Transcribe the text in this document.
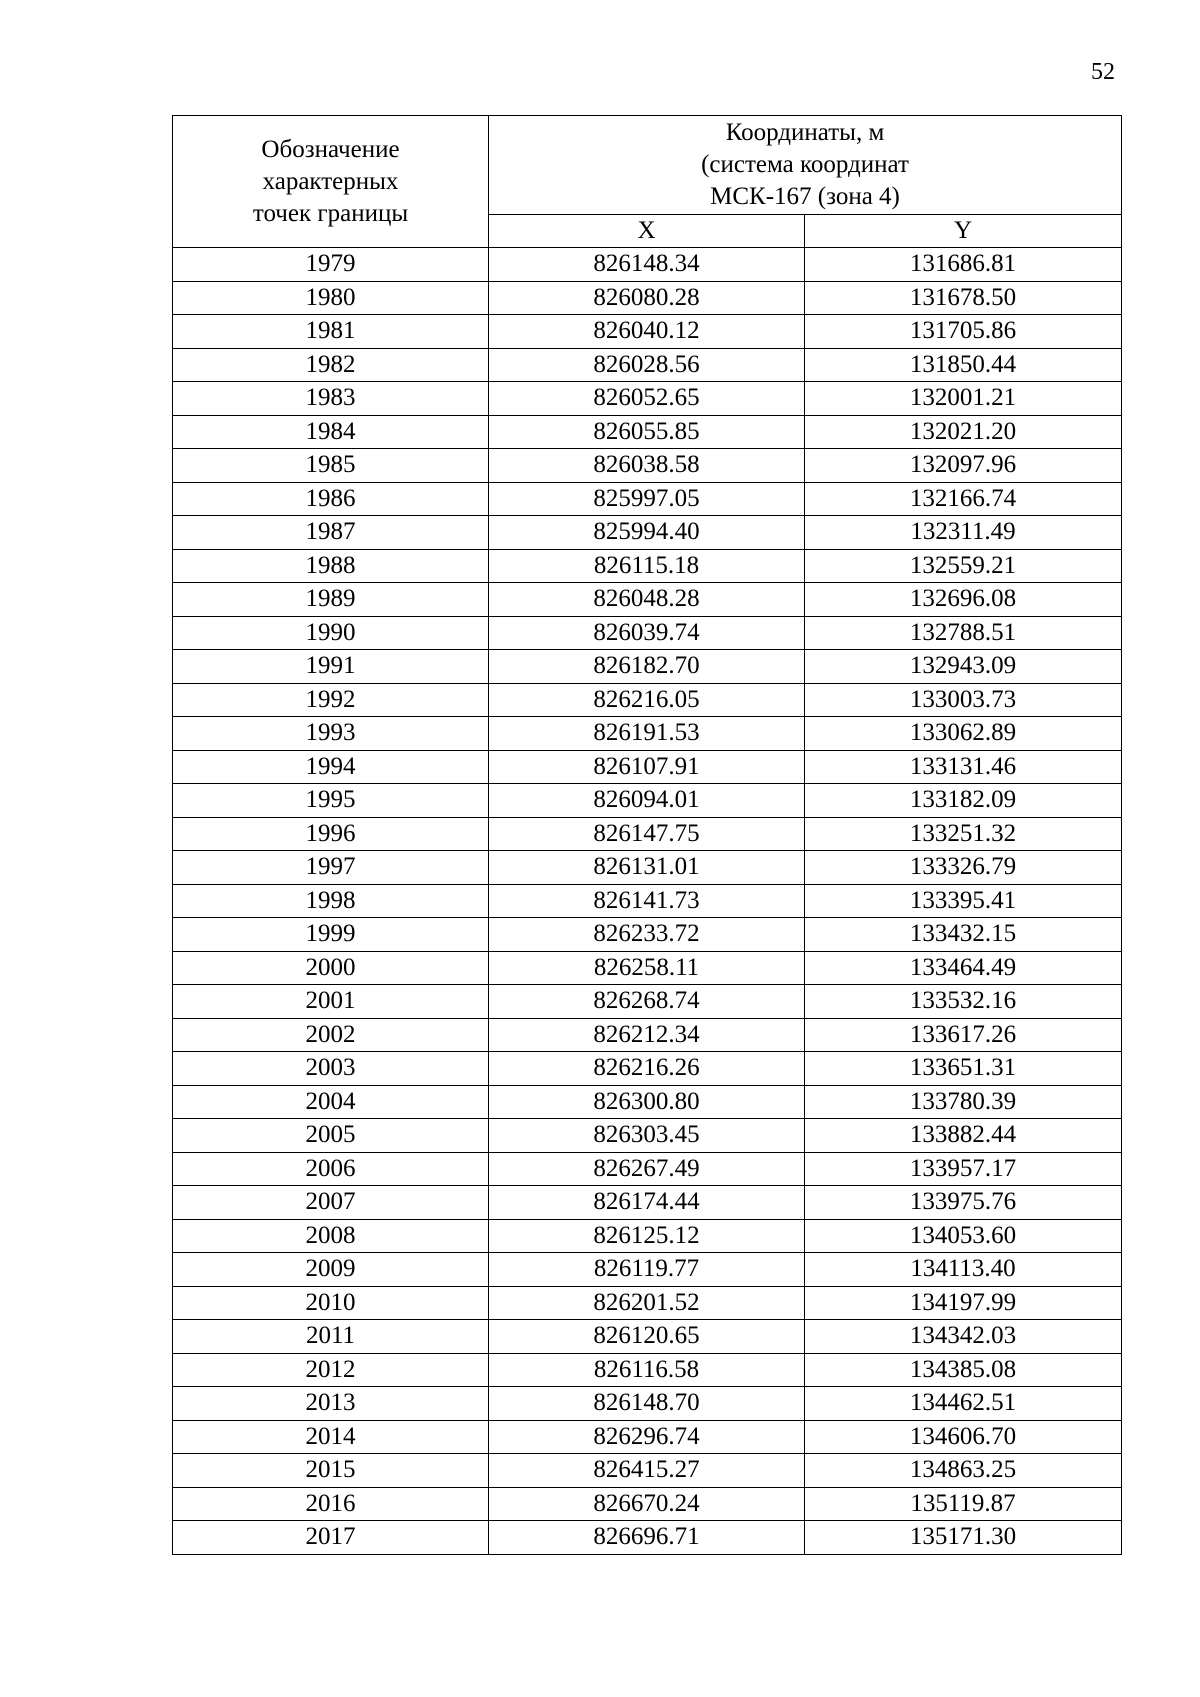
52
Обозначение
характерных
точек границы	Координаты, м
(система координат
МСК-167 (зона 4)	

	X	Y
1979	826148.34	131686.81
1980	826080.28	131678.50
1981	826040.12	131705.86
1982	826028.56	131850.44
1983	826052.65	132001.21
1984	826055.85	132021.20
1985	826038.58	132097.96
1986	825997.05	132166.74
1987	825994.40	132311.49
1988	826115.18	132559.21
1989	826048.28	132696.08
1990	826039.74	132788.51
1991	826182.70	132943.09
1992	826216.05	133003.73
1993	826191.53	133062.89
1994	826107.91	133131.46
1995	826094.01	133182.09
1996	826147.75	133251.32
1997	826131.01	133326.79
1998	826141.73	133395.41
1999	826233.72	133432.15
2000	826258.11	133464.49
2001	826268.74	133532.16
2002	826212.34	133617.26
2003	826216.26	133651.31
2004	826300.80	133780.39
2005	826303.45	133882.44
2006	826267.49	133957.17
2007	826174.44	133975.76
2008	826125.12	134053.60
2009	826119.77	134113.40
2010	826201.52	134197.99
2011	826120.65	134342.03
2012	826116.58	134385.08
2013	826148.70	134462.51
2014	826296.74	134606.70
2015	826415.27	134863.25
2016	826670.24	135119.87
2017	826696.71	135171.30
